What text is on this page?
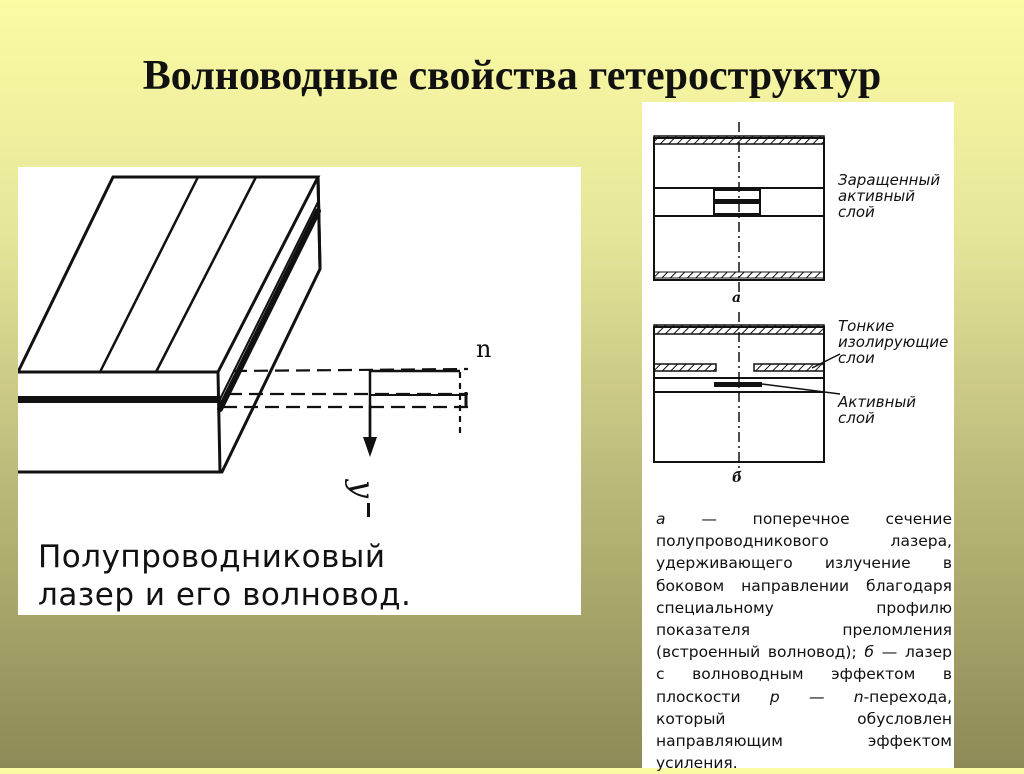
Волноводные свойства гетероструктур
n
y
Полупроводниковый
лазер и его волновод.
Заращенный
активный
слой
а
Тонкие
изолирующие
слои
Активный
слой
б
а — поперечное сечение полупроводникового лазера, удерживающего излучение в боковом направлении благодаря специальному профилю показателя преломления (встроенный волновод); б — лазер с волноводным эффектом в плоскости р — n-перехода, который обусловлен направляющим эффектом усиления.
